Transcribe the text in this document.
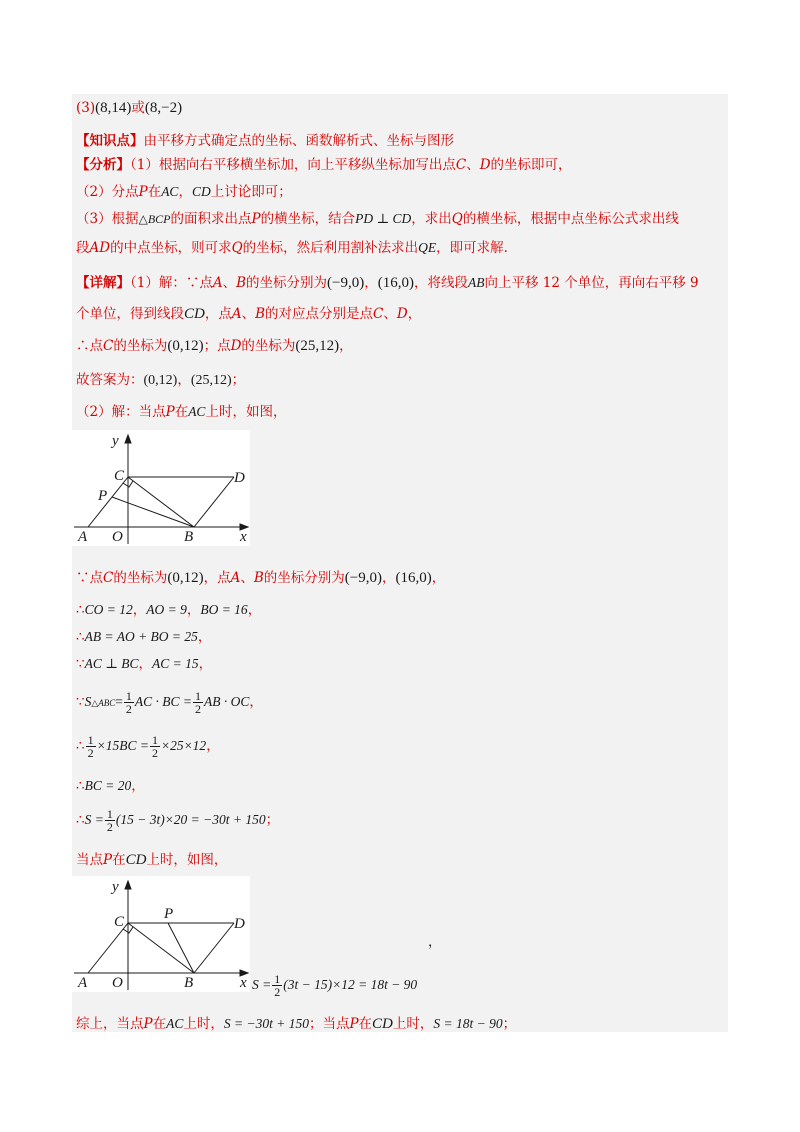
(3)(8,14)或(8,−2)
【知识点】由平移方式确定点的坐标、函数解析式、坐标与图形
【分析】（1）根据向右平移横坐标加，向上平移纵坐标加写出点C、D的坐标即可，
（2）分点P在AC，CD上讨论即可；
（3）根据△BCP的面积求出点P的横坐标，结合PD ⊥ CD，求出Q的横坐标，根据中点坐标公式求出线
段AD的中点坐标，则可求Q的坐标，然后利用割补法求出QE，即可求解.
【详解】（1）解：∵点A、B的坐标分别为(−9,0)，(16,0)，将线段AB向上平移 12 个单位，再向右平移 9
个单位，得到线段CD，点A、B的对应点分别是点C、D，
∴点C的坐标为(0,12)；点D的坐标为(25,12)，
故答案为：(0,12)，(25,12)；
（2）解：当点P在AC上时，如图，
y
x
C	D
P
A O	B
∵点C的坐标为(0,12)，点A、B的坐标分别为(−9,0)，(16,0)，
∴CO = 12，AO = 9，BO = 16，
∴AB = AO + BO = 25，
∵AC ⊥ BC，AC = 15，
∵S△ABC= $\frac{1}{2}$ AC · BC = $\frac{1}{2}$ AB · OC，
∴ $\frac{1}{2} \times 15BC = \frac{1}{2} \times 25\times 12$，
∴BC = 20，
∴S = $\frac{1}{2} (15 - 3t)\times 20 = -30t + 150$；
当点P在CD上时，如图，
y
x
C	D
P
A O	B
，
$S = \frac{1}{2} (3t - 15)\times 12 = 18t - 90$
综上，当点P在AC上时，S = −30t + 150；当点P在CD上时，S = 18t − 90；
